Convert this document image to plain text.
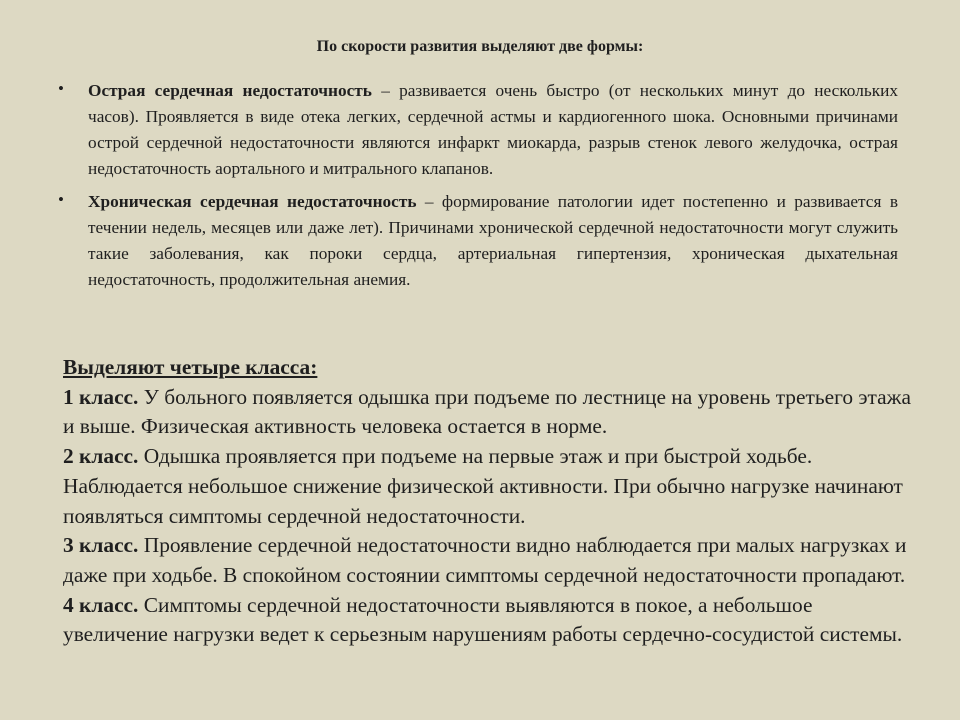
По скорости развития выделяют две формы:
• Острая сердечная недостаточность – развивается очень быстро (от нескольких минут до нескольких часов). Проявляется в виде отека легких, сердечной астмы и кардиогенного шока. Основными причинами острой сердечной недостаточности являются инфаркт миокарда, разрыв стенок левого желудочка, острая недостаточность аортального и митрального клапанов.
• Хроническая сердечная недостаточность – формирование патологии идет постепенно и развивается в течении недель, месяцев или даже лет). Причинами хронической сердечной недостаточности могут служить такие заболевания, как пороки сердца, артериальная гипертензия, хроническая дыхательная недостаточность, продолжительная анемия.
Выделяют четыре класса:
1 класс. У больного появляется одышка при подъеме по лестнице на уровень третьего этажа и выше. Физическая активность человека остается в норме.
2 класс. Одышка проявляется при подъеме на первые этаж и при быстрой ходьбе. Наблюдается небольшое снижение физической активности. При обычно нагрузке начинают появляться симптомы сердечной недостаточности.
3 класс. Проявление сердечной недостаточности видно наблюдается при малых нагрузках и даже при ходьбе. В спокойном состоянии симптомы сердечной недостаточности пропадают.
4 класс. Симптомы сердечной недостаточности выявляются в покое, а небольшое увеличение нагрузки ведет к серьезным нарушениям работы сердечно-сосудистой системы.
